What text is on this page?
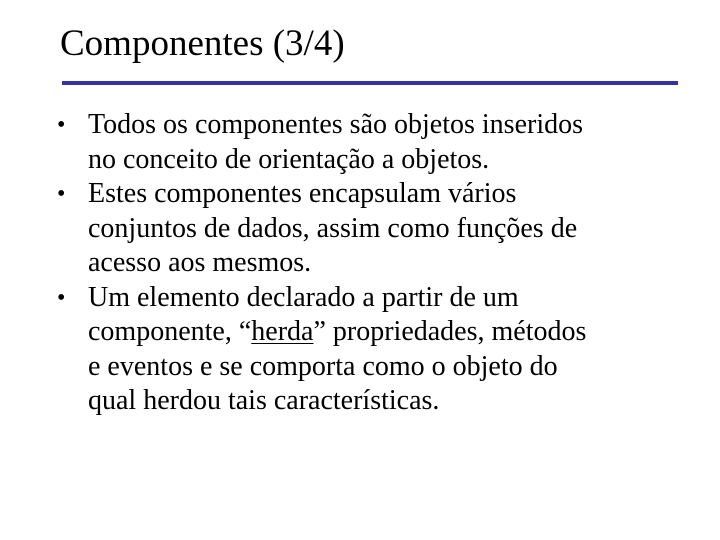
Componentes (3/4)
• Todos os componentes são objetos inseridos
no conceito de orientação a objetos.
• Estes componentes encapsulam vários
conjuntos de dados, assim como funções de
acesso aos mesmos.
• Um elemento declarado a partir de um
componente, “herda” propriedades, métodos
e eventos e se comporta como o objeto do
qual herdou tais características.
